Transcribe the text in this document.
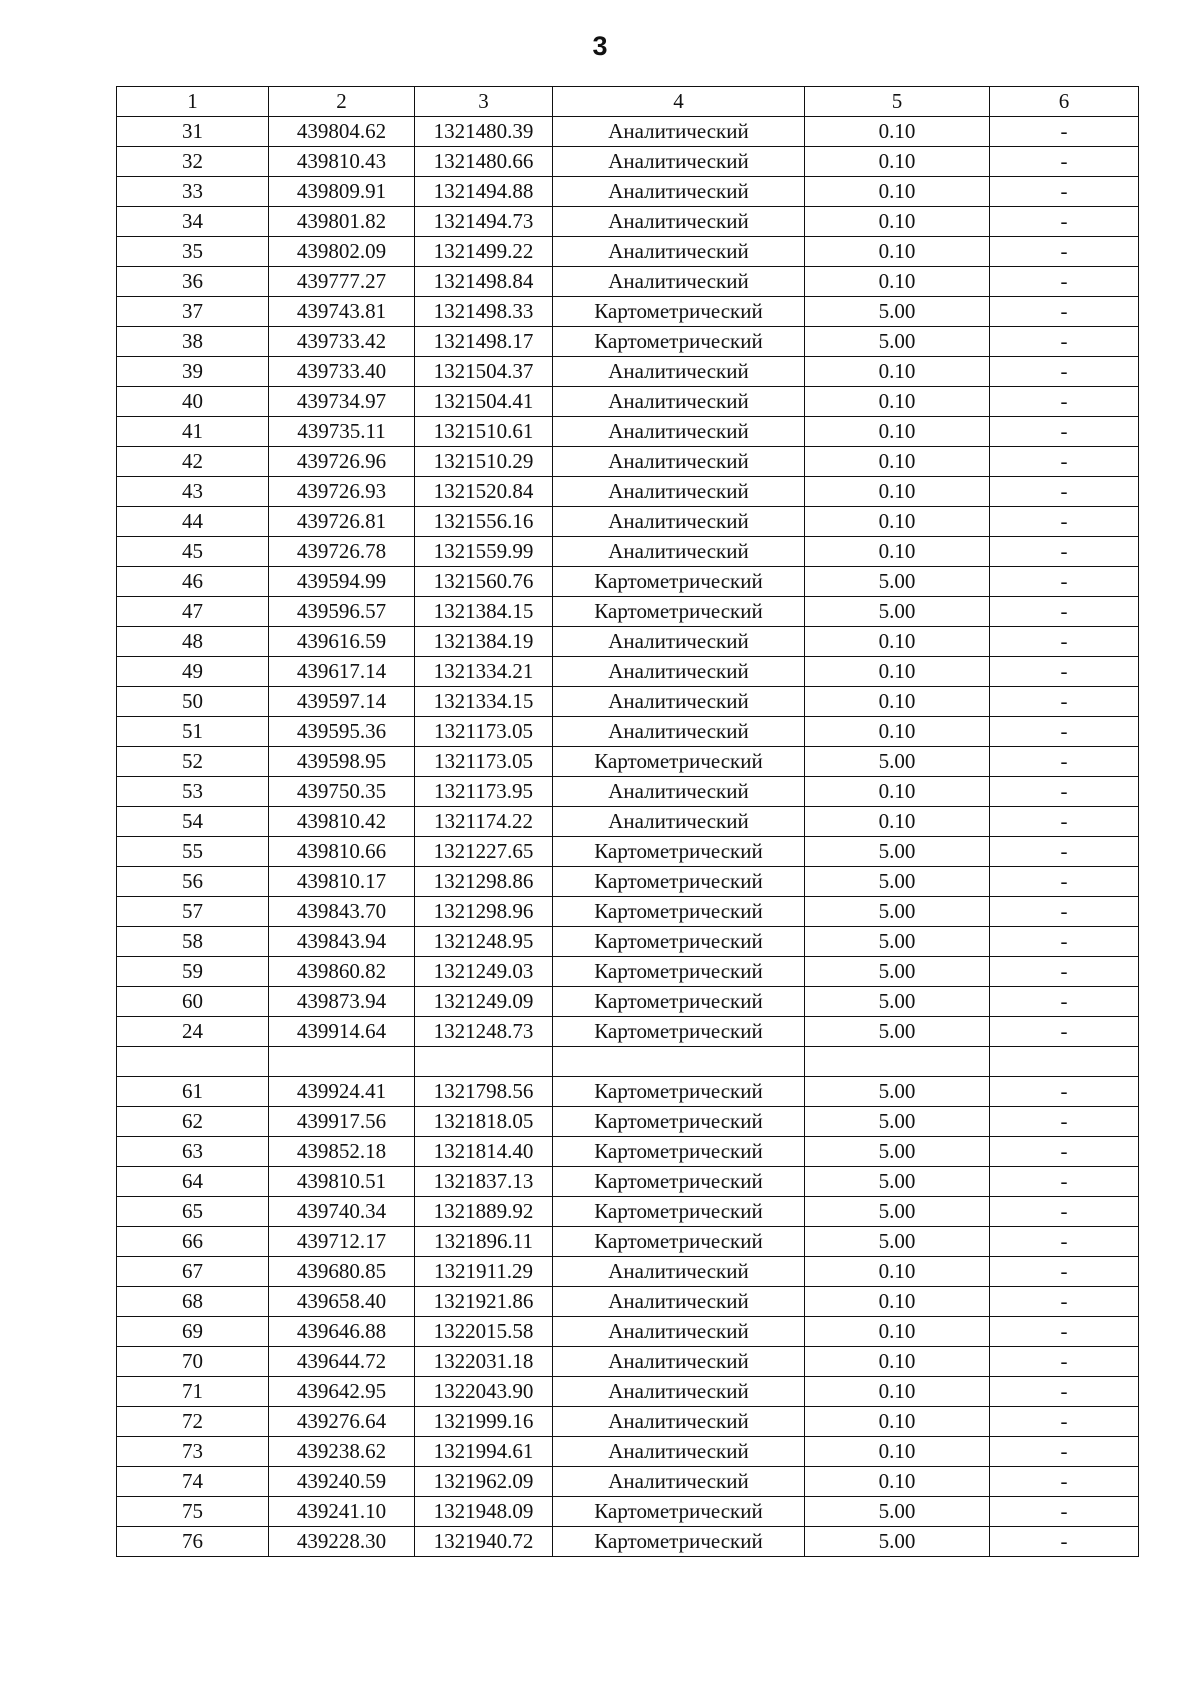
3
1	2	3	4	5	6
31	439804.62	1321480.39	Аналитический	0.10	-
32	439810.43	1321480.66	Аналитический	0.10	-
33	439809.91	1321494.88	Аналитический	0.10	-
34	439801.82	1321494.73	Аналитический	0.10	-
35	439802.09	1321499.22	Аналитический	0.10	-
36	439777.27	1321498.84	Аналитический	0.10	-
37	439743.81	1321498.33	Картометрический	5.00	-
38	439733.42	1321498.17	Картометрический	5.00	-
39	439733.40	1321504.37	Аналитический	0.10	-
40	439734.97	1321504.41	Аналитический	0.10	-
41	439735.11	1321510.61	Аналитический	0.10	-
42	439726.96	1321510.29	Аналитический	0.10	-
43	439726.93	1321520.84	Аналитический	0.10	-
44	439726.81	1321556.16	Аналитический	0.10	-
45	439726.78	1321559.99	Аналитический	0.10	-
46	439594.99	1321560.76	Картометрический	5.00	-
47	439596.57	1321384.15	Картометрический	5.00	-
48	439616.59	1321384.19	Аналитический	0.10	-
49	439617.14	1321334.21	Аналитический	0.10	-
50	439597.14	1321334.15	Аналитический	0.10	-
51	439595.36	1321173.05	Аналитический	0.10	-
52	439598.95	1321173.05	Картометрический	5.00	-
53	439750.35	1321173.95	Аналитический	0.10	-
54	439810.42	1321174.22	Аналитический	0.10	-
55	439810.66	1321227.65	Картометрический	5.00	-
56	439810.17	1321298.86	Картометрический	5.00	-
57	439843.70	1321298.96	Картометрический	5.00	-
58	439843.94	1321248.95	Картометрический	5.00	-
59	439860.82	1321249.03	Картометрический	5.00	-
60	439873.94	1321249.09	Картометрический	5.00	-
24	439914.64	1321248.73	Картометрический	5.00	-

61	439924.41	1321798.56	Картометрический	5.00	-
62	439917.56	1321818.05	Картометрический	5.00	-
63	439852.18	1321814.40	Картометрический	5.00	-
64	439810.51	1321837.13	Картометрический	5.00	-
65	439740.34	1321889.92	Картометрический	5.00	-
66	439712.17	1321896.11	Картометрический	5.00	-
67	439680.85	1321911.29	Аналитический	0.10	-
68	439658.40	1321921.86	Аналитический	0.10	-
69	439646.88	1322015.58	Аналитический	0.10	-
70	439644.72	1322031.18	Аналитический	0.10	-
71	439642.95	1322043.90	Аналитический	0.10	-
72	439276.64	1321999.16	Аналитический	0.10	-
73	439238.62	1321994.61	Аналитический	0.10	-
74	439240.59	1321962.09	Аналитический	0.10	-
75	439241.10	1321948.09	Картометрический	5.00	-
76	439228.30	1321940.72	Картометрический	5.00	-
